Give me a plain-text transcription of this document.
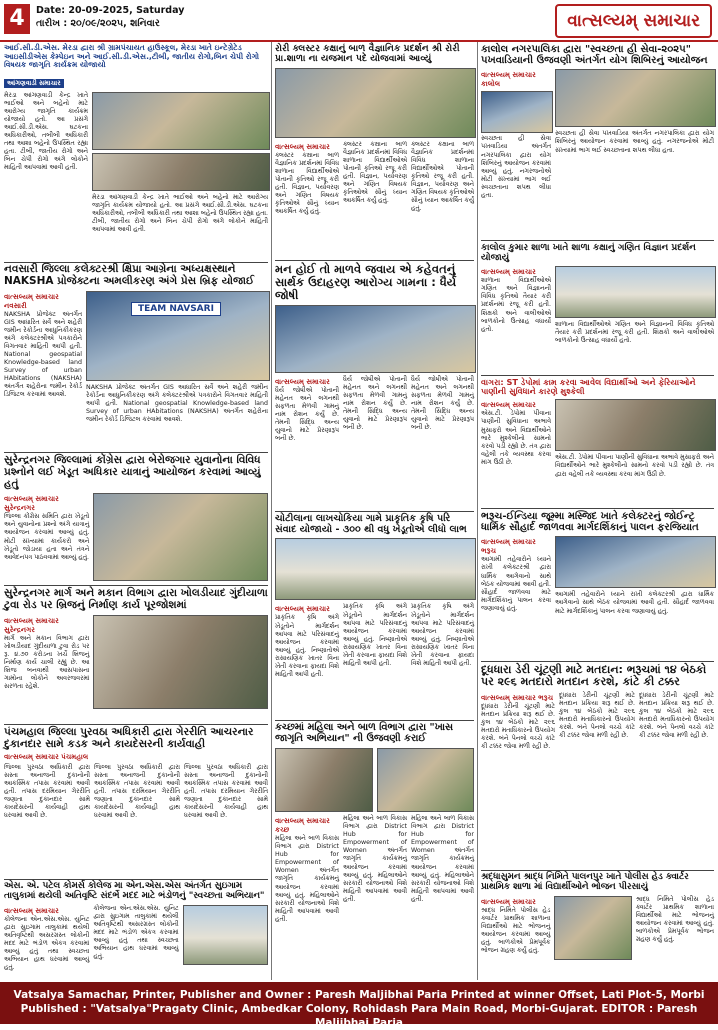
4	Date: 20-09-2025, Saturday
તારીખ : ૨૦/૦૯/૨૦૨૫, શનિવાર	વાત્સલ્યમ્ સમાચાર
આઈ.સી.ડી.એસ. મેરડા દ્વારા શ્રી ગ્રામપંચાયત હાઉસ્કૂલ, મેરડા ખાતે ઇન્ટેગ્રેટેડ આઇસીડીએસ કેમ્પેઇન અને આઈ.સી.ડી.એસ.,ટીબી, જાતીય રોગો,બિન ચેપી રોગો વિષયક જાગૃતિ કાર્યક્રમ યોજાયો
આંગણવાડી સમાચાર
મેરડા આંગણવાડી કેન્દ્ર ખાતે ભાઈઓ અને બહેનો માટે આરોગ્ય જાગૃતિ કાર્યક્રમ યોજાયો હતો. આ પ્રસંગે આઈ.સી.ડી.એસ. ઘટકના અધિકારીઓ, તબીબી અધિકારી તથા આશા બહેનો ઉપસ્થિત રહ્યા હતા. ટીબી, જાતીય રોગો અને બિન ચેપી રોગો અંગે લોકોને માહિતી આપવામાં આવી હતી.
મેરડા આંગણવાડી કેન્દ્ર ખાતે ભાઈઓ અને બહેનો માટે આરોગ્ય જાગૃતિ કાર્યક્રમ યોજાયો હતો. આ પ્રસંગે આઈ.સી.ડી.એસ. ઘટકના અધિકારીઓ, તબીબી અધિકારી તથા આશા બહેનો ઉપસ્થિત રહ્યા હતા. ટીબી, જાતીય રોગો અને બિન ચેપી રોગો અંગે લોકોને માહિતી આપવામાં આવી હતી.
નવસારી જિલ્લા કલેક્ટરશ્રી ક્ષિપ્રા આગ્રેના અધ્યક્ષસ્થાને NAKSHA પ્રોજેક્ટના અમલીકરણ અંગે પ્રેસ બ્રિફ યોજાઈ
વાત્સલ્યમ્ સમાચાર નવસારી
NAKSHA પ્રોજેક્ટ અંતર્ગત GIS આધારિત સર્વે અને શહેરી જમીન રેકોર્ડના આધુનિકીકરણ અંગે કલેક્ટરશ્રીએ પત્રકારોને વિગતવાર માહિતી આપી હતી. National geospatial Knowledge-based land Survey of urban HAbitations (NAKSHA) અંતર્ગત શહેરોના જમીન રેકોર્ડ ડિજિટલ કરવામાં આવશે.
TEAM NAVSARI
NAKSHA પ્રોજેક્ટ અંતર્ગત GIS આધારિત સર્વે અને શહેરી જમીન રેકોર્ડના આધુનિકીકરણ અંગે કલેક્ટરશ્રીએ પત્રકારોને વિગતવાર માહિતી આપી હતી. National geospatial Knowledge-based land Survey of urban HAbitations (NAKSHA) અંતર્ગત શહેરોના જમીન રેકોર્ડ ડિજિટલ કરવામાં આવશે.
સુરેન્દ્રનગર જિલ્લામાં કોંગ્રેસ દ્વારા બેરોજગાર યુવાનોના વિવિધ પ્રશ્નોને લઈ ખેડૂત અધિકાર યાત્રાનું આયોજન કરવામાં આવ્યું હતું
વાત્સલ્યમ્ સમાચાર સુરેન્દ્રનગર
જિલ્લા કોંગ્રેસ સમિતિ દ્વારા ખેડૂતો અને યુવાનોના પ્રશ્નો અંગે યાત્રાનું આયોજન કરવામાં આવ્યું હતું. મોટી સંખ્યામાં કાર્યકરો અને ખેડૂતો જોડાયા હતા અને તંત્રને આવેદનપત્ર પાઠવવામાં આવ્યું હતું.
સુરેન્દ્રનગર માર્ગ અને મકાન વિભાગ દ્વારા ખોલડીયાદ ગુંદીયાળા ટુવા રોડ પર બ્રિજનું નિર્માણ કાર્ય પૂરજોશમાં
વાત્સલ્યમ્ સમાચાર સુરેન્દ્રનગર
માર્ગ અને મકાન વિભાગ દ્વારા ખોલડીયાદ ગુંદીયાળા ટુવા રોડ પર રૂ. ૪.૭૦ કરોડના ખર્ચે બ્રિજનું નિર્માણ કાર્ય ચાલી રહ્યું છે. આ બ્રિજ બનવાથી આસપાસના ગામોના લોકોને અવરજવરમાં સરળતા રહેશે.
પંચમહાલ જિલ્લા પુરવઠા અધિકારી દ્વારા ગેરરીતિ આચરનાર દુકાનદાર સામે કડક અને કાયદેસરની કાર્યવાહી
વાત્સલ્યમ્ સમાચાર પંચમહાલ
જિલ્લા પુરવઠા અધિકારી દ્વારા સસ્તા અનાજની દુકાનોની આકસ્મિક તપાસ કરવામાં આવી હતી. તપાસ દરમિયાન ગેરરીતિ જણાતા દુકાનદાર સામે કાયદેસરની કાર્યવાહી હાથ ધરવામાં આવી છે.
જિલ્લા પુરવઠા અધિકારી દ્વારા સસ્તા અનાજની દુકાનોની આકસ્મિક તપાસ કરવામાં આવી હતી. તપાસ દરમિયાન ગેરરીતિ જણાતા દુકાનદાર સામે કાયદેસરની કાર્યવાહી હાથ ધરવામાં આવી છે.
જિલ્લા પુરવઠા અધિકારી દ્વારા સસ્તા અનાજની દુકાનોની આકસ્મિક તપાસ કરવામાં આવી હતી. તપાસ દરમિયાન ગેરરીતિ જણાતા દુકાનદાર સામે કાયદેસરની કાર્યવાહી હાથ ધરવામાં આવી છે.
એસ. એ. પટેલ કોમર્સ કોલેજ મા એન.એસ.એસ અંતર્ગત સુઇગામ તાલુકામાં થયેલી અતિવૃષ્ટિ સંદર્ભે મદદ માટે ભંડોળનું "સ્વચ્છતા અભિયાન"
વાત્સલ્યમ્ સમાચાર
કોલેજના એન.એસ.એસ. યુનિટ દ્વારા સુઇગામ તાલુકામાં થયેલી અતિવૃષ્ટિથી અસરગ્રસ્ત લોકોની મદદ માટે ભંડોળ એકત્ર કરવામાં આવ્યું હતું તથા સ્વચ્છતા અભિયાન હાથ ધરવામાં આવ્યું હતું.
કોલેજના એન.એસ.એસ. યુનિટ દ્વારા સુઇગામ તાલુકામાં થયેલી અતિવૃષ્ટિથી અસરગ્રસ્ત લોકોની મદદ માટે ભંડોળ એકત્ર કરવામાં આવ્યું હતું તથા સ્વચ્છતા અભિયાન હાથ ધરવામાં આવ્યું હતું.
રોરી ક્લસ્ટર કક્ષાનું બાળ વૈજ્ઞાનિક પ્રદર્શન શ્રી રોરી પ્રા.શાળા ના યજમાન પદે યોજવામાં આવ્યું
વાત્સલ્યમ્ સમાચાર
ક્લસ્ટર કક્ષાના બાળ વૈજ્ઞાનિક પ્રદર્શનમાં વિવિધ શાળાના વિદ્યાર્થીઓએ પોતાની કૃતિઓ રજૂ કરી હતી. વિજ્ઞાન, પર્યાવરણ અને ગણિત વિષયક કૃતિઓએ સૌનું ધ્યાન આકર્ષિત કર્યું હતું.
ક્લસ્ટર કક્ષાના બાળ વૈજ્ઞાનિક પ્રદર્શનમાં વિવિધ શાળાના વિદ્યાર્થીઓએ પોતાની કૃતિઓ રજૂ કરી હતી. વિજ્ઞાન, પર્યાવરણ અને ગણિત વિષયક કૃતિઓએ સૌનું ધ્યાન આકર્ષિત કર્યું હતું.
ક્લસ્ટર કક્ષાના બાળ વૈજ્ઞાનિક પ્રદર્શનમાં વિવિધ શાળાના વિદ્યાર્થીઓએ પોતાની કૃતિઓ રજૂ કરી હતી. વિજ્ઞાન, પર્યાવરણ અને ગણિત વિષયક કૃતિઓએ સૌનું ધ્યાન આકર્ષિત કર્યું હતું.
મન હોઈ તો માળવે જવાય એ કહેવતનું સાર્થક ઉદાહરણ આરોગ્ય ગામના : ધૈર્ય જોષી
વાત્સલ્યમ્ સમાચાર
ધૈર્ય જોષીએ પોતાની મહેનત અને લગનથી સફળતા મેળવી ગામનું નામ રોશન કર્યું છે. તેમની સિદ્ધિ અન્ય યુવાનો માટે પ્રેરણારૂપ બની છે.
ધૈર્ય જોષીએ પોતાની મહેનત અને લગનથી સફળતા મેળવી ગામનું નામ રોશન કર્યું છે. તેમની સિદ્ધિ અન્ય યુવાનો માટે પ્રેરણારૂપ બની છે.
ધૈર્ય જોષીએ પોતાની મહેનત અને લગનથી સફળતા મેળવી ગામનું નામ રોશન કર્યું છે. તેમની સિદ્ધિ અન્ય યુવાનો માટે પ્રેરણારૂપ બની છે.
ચોટીલાના લાખચોકિયા ગામે પ્રાકૃતિક કૃષિ પરિ સંવાદ યોજાયો - ૩૦૦ થી વધુ ખેડૂતોએ લીધો લાભ
વાત્સલ્યમ્ સમાચાર
પ્રાકૃતિક કૃષિ અંગે ખેડૂતોને માર્ગદર્શન આપવા માટે પરિસંવાદનું આયોજન કરવામાં આવ્યું હતું. નિષ્ણાતોએ રાસાયણિક ખાતર વિના ખેતી કરવાના ફાયદા વિશે માહિતી આપી હતી.
પ્રાકૃતિક કૃષિ અંગે ખેડૂતોને માર્ગદર્શન આપવા માટે પરિસંવાદનું આયોજન કરવામાં આવ્યું હતું. નિષ્ણાતોએ રાસાયણિક ખાતર વિના ખેતી કરવાના ફાયદા વિશે માહિતી આપી હતી.
પ્રાકૃતિક કૃષિ અંગે ખેડૂતોને માર્ગદર્શન આપવા માટે પરિસંવાદનું આયોજન કરવામાં આવ્યું હતું. નિષ્ણાતોએ રાસાયણિક ખાતર વિના ખેતી કરવાના ફાયદા વિશે માહિતી આપી હતી.
કચ્છમાં મહિલા અને બાળ વિભાગ દ્વારા "ખાસ જાગૃતિ અભિયાન" ની ઉજવણી કરાઈ
વાત્સલ્યમ્ સમાચાર કચ્છ
મહિલા અને બાળ વિકાસ વિભાગ દ્વારા District Hub for Empowerment of Women અંતર્ગત જાગૃતિ કાર્યક્રમનું આયોજન કરવામાં આવ્યું હતું. મહિલાઓને સરકારી યોજનાઓ વિશે માહિતી આપવામાં આવી હતી.
મહિલા અને બાળ વિકાસ વિભાગ દ્વારા District Hub for Empowerment of Women અંતર્ગત જાગૃતિ કાર્યક્રમનું આયોજન કરવામાં આવ્યું હતું. મહિલાઓને સરકારી યોજનાઓ વિશે માહિતી આપવામાં આવી હતી.
મહિલા અને બાળ વિકાસ વિભાગ દ્વારા District Hub for Empowerment of Women અંતર્ગત જાગૃતિ કાર્યક્રમનું આયોજન કરવામાં આવ્યું હતું. મહિલાઓને સરકારી યોજનાઓ વિશે માહિતી આપવામાં આવી હતી.
કાલોલ નગરપાલિકા દ્વારા "સ્વચ્છતા હી સેવા-૨૦૨૫" પખવાડિયાની ઉજવણી અંતર્ગત યોગ શિબિરનું આયોજન
વાત્સલ્યમ્ સમાચાર કાલોલ
સ્વચ્છતા હી સેવા પખવાડિયા અંતર્ગત નગરપાલિકા દ્વારા યોગ શિબિરનું આયોજન કરવામાં આવ્યું હતું. નગરજનોએ મોટી સંખ્યામાં ભાગ લઈ સ્વચ્છતાના શપથ લીધા હતા.
સ્વચ્છતા હી સેવા પખવાડિયા અંતર્ગત નગરપાલિકા દ્વારા યોગ શિબિરનું આયોજન કરવામાં આવ્યું હતું. નગરજનોએ મોટી સંખ્યામાં ભાગ લઈ સ્વચ્છતાના શપથ લીધા હતા.
કાલોલ કુમાર શાળા ખાતે શાળા કક્ષાનું ગણિત વિજ્ઞાન પ્રદર્શન યોજાયું
વાત્સલ્યમ્ સમાચાર
શાળાના વિદ્યાર્થીઓએ ગણિત અને વિજ્ઞાનની વિવિધ કૃતિઓ તૈયાર કરી પ્રદર્શનમાં રજૂ કરી હતી. શિક્ષકો અને વાલીઓએ બાળકોનો ઉત્સાહ વધાર્યો હતો.
શાળાના વિદ્યાર્થીઓએ ગણિત અને વિજ્ઞાનની વિવિધ કૃતિઓ તૈયાર કરી પ્રદર્શનમાં રજૂ કરી હતી. શિક્ષકો અને વાલીઓએ બાળકોનો ઉત્સાહ વધાર્યો હતો.
વાગરા: ST ડેપોમાં કામ કરવા આવેલ વિદ્યાર્થીઓ અને ફેરિયાઓને પાણીની સુવિધાને કારણે મુશ્કેલી
વાત્સલ્યમ્ સમાચાર
એસ.ટી. ડેપોમાં પીવાના પાણીની સુવિધાના અભાવે મુસાફરો અને વિદ્યાર્થીઓને ભારે મુશ્કેલીનો સામનો કરવો પડી રહ્યો છે. તંત્ર દ્વારા વહેલી તકે વ્યવસ્થા કરવા માંગ ઉઠી છે.
એસ.ટી. ડેપોમાં પીવાના પાણીની સુવિધાના અભાવે મુસાફરો અને વિદ્યાર્થીઓને ભારે મુશ્કેલીનો સામનો કરવો પડી રહ્યો છે. તંત્ર દ્વારા વહેલી તકે વ્યવસ્થા કરવા માંગ ઉઠી છે.
ભરૂચ-ઈન્ડિયા જૂમ્મા મસ્જિદ ખાતે કલેક્ટરનું જોઈન્ટ્ર ધાર્મિક સૌહાર્દ જાળવવા માર્ગદર્શિકાનું પાલન ફરજિયાત
વાત્સલ્યમ્ સમાચાર ભરૂચ
આગામી તહેવારોને ધ્યાને રાખી કલેક્ટરશ્રી દ્વારા ધાર્મિક આગેવાનો સાથે બેઠક યોજવામાં આવી હતી. સૌહાર્દ જાળવવા માટે માર્ગદર્શિકાનું પાલન કરવા જણાવાયું હતું.
આગામી તહેવારોને ધ્યાને રાખી કલેક્ટરશ્રી દ્વારા ધાર્મિક આગેવાનો સાથે બેઠક યોજવામાં આવી હતી. સૌહાર્દ જાળવવા માટે માર્ગદર્શિકાનું પાલન કરવા જણાવાયું હતું.
દૂધધારા ડેરી ચૂંટણી માટે મતદાન: ભરૂચમાં ૧૪ બેઠકો પર ૨૯૬ મતદારો મતદાન કરશે, કાંટે કી ટક્કર
વાત્સલ્યમ્ સમાચાર ભરૂચ
દૂધધારા ડેરીની ચૂંટણી માટે મતદાન પ્રક્રિયા શરૂ થઈ છે. કુલ ૧૪ બેઠકો માટે ૨૯૬ મતદારો મતાધિકારનો ઉપયોગ કરશે. બંને પેનલો વચ્ચે કાંટે કી ટક્કર જોવા મળી રહી છે.
દૂધધારા ડેરીની ચૂંટણી માટે મતદાન પ્રક્રિયા શરૂ થઈ છે. કુલ ૧૪ બેઠકો માટે ૨૯૬ મતદારો મતાધિકારનો ઉપયોગ કરશે. બંને પેનલો વચ્ચે કાંટે કી ટક્કર જોવા મળી રહી છે.
દૂધધારા ડેરીની ચૂંટણી માટે મતદાન પ્રક્રિયા શરૂ થઈ છે. કુલ ૧૪ બેઠકો માટે ૨૯૬ મતદારો મતાધિકારનો ઉપયોગ કરશે. બંને પેનલો વચ્ચે કાંટે કી ટક્કર જોવા મળી રહી છે.
શ્રદ્ધાસુમન શ્રાદ્ધ નિમિતે પાલનપુર ખાતે પોલીસ હેડ ક્વાર્ટર પ્રાથમિક શાળા માં વિદ્યાર્થીઓને ભોજન પીરસાયું
વાત્સલ્યમ્ સમાચાર
શ્રાદ્ધ નિમિતે પોલીસ હેડ ક્વાર્ટર પ્રાથમિક શાળાના વિદ્યાર્થીઓ માટે ભોજનનું આયોજન કરવામાં આવ્યું હતું. બાળકોએ પ્રેમપૂર્વક ભોજન ગ્રહણ કર્યું હતું.
શ્રાદ્ધ નિમિતે પોલીસ હેડ ક્વાર્ટર પ્રાથમિક શાળાના વિદ્યાર્થીઓ માટે ભોજનનું આયોજન કરવામાં આવ્યું હતું. બાળકોએ પ્રેમપૂર્વક ભોજન ગ્રહણ કર્યું હતું.
Vatsalya Samachar, Printer, Publisher and Owner : Paresh Maljibhai Paria Printed at winner Offset, Lati Plot-5, Morbi
Published : "Vatsalya"Pragaty Clinic, Ambedkar Colony, Rohidash Para Main Road, Morbi-Gujarat. EDITOR : Paresh Maljibhai Paria
